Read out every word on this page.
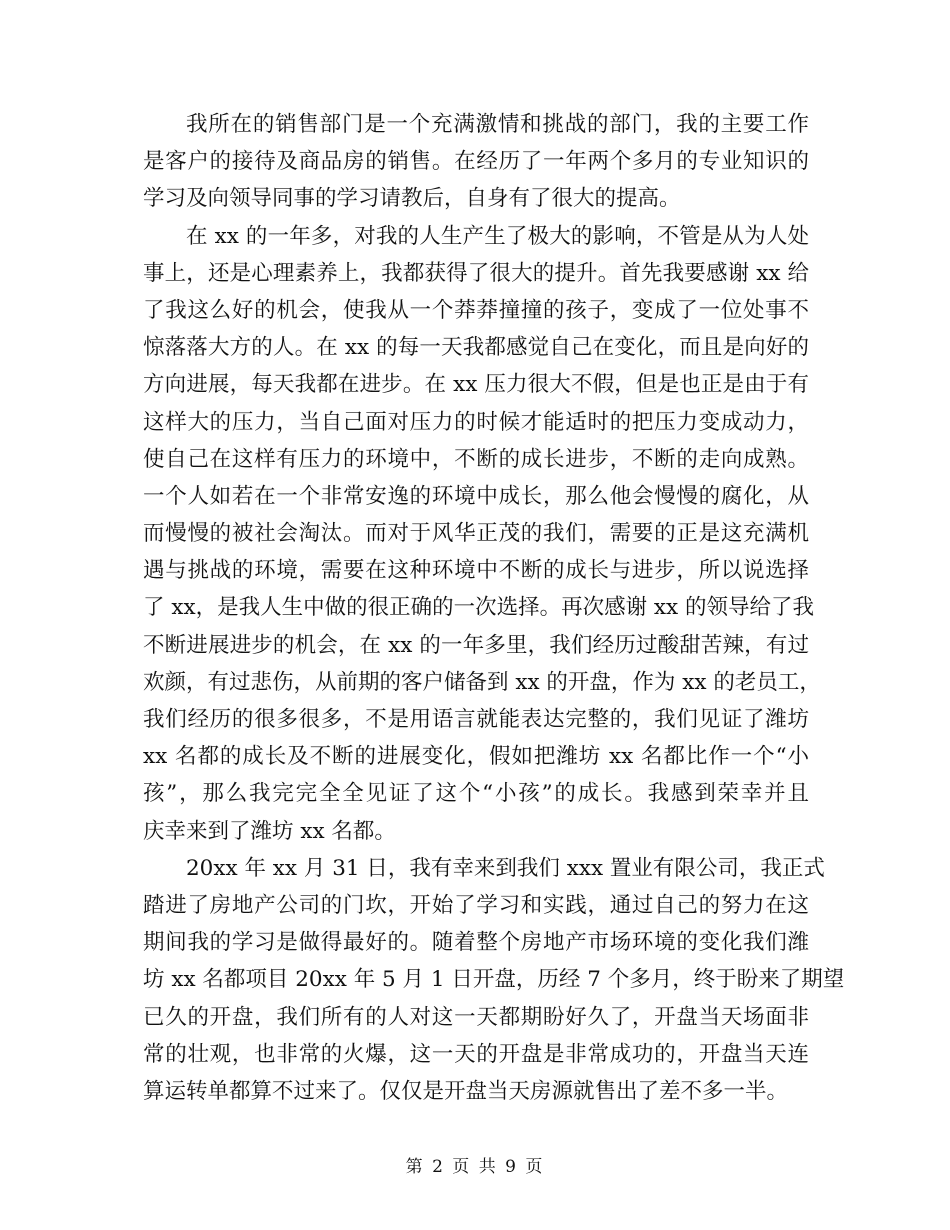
我所在的销售部门是一个充满激情和挑战的部门，我的主要工作
是客户的接待及商品房的销售。在经历了一年两个多月的专业知识的
学习及向领导同事的学习请教后，自身有了很大的提高。
在 xx 的一年多，对我的人生产生了极大的影响，不管是从为人处
事上，还是心理素养上，我都获得了很大的提升。首先我要感谢 xx 给
了我这么好的机会，使我从一个莽莽撞撞的孩子，变成了一位处事不
惊落落大方的人。在 xx 的每一天我都感觉自己在变化，而且是向好的
方向进展，每天我都在进步。在 xx 压力很大不假，但是也正是由于有
这样大的压力，当自己面对压力的时候才能适时的把压力变成动力，
使自己在这样有压力的环境中，不断的成长进步，不断的走向成熟。
一个人如若在一个非常安逸的环境中成长，那么他会慢慢的腐化，从
而慢慢的被社会淘汰。而对于风华正茂的我们，需要的正是这充满机
遇与挑战的环境，需要在这种环境中不断的成长与进步，所以说选择
了 xx，是我人生中做的很正确的一次选择。再次感谢 xx 的领导给了我
不断进展进步的机会，在 xx 的一年多里，我们经历过酸甜苦辣，有过
欢颜，有过悲伤，从前期的客户储备到 xx 的开盘，作为 xx 的老员工，
我们经历的很多很多，不是用语言就能表达完整的，我们见证了潍坊
xx 名都的成长及不断的进展变化，假如把潍坊 xx 名都比作一个“小
孩”，那么我完完全全见证了这个“小孩”的成长。我感到荣幸并且
庆幸来到了潍坊 xx 名都。
20xx 年 xx 月 31 日，我有幸来到我们 xxx 置业有限公司，我正式
踏进了房地产公司的门坎，开始了学习和实践，通过自己的努力在这
期间我的学习是做得最好的。随着整个房地产市场环境的变化我们潍
坊 xx 名都项目 20xx 年 5 月 1 日开盘，历经 7 个多月，终于盼来了期望
已久的开盘，我们所有的人对这一天都期盼好久了，开盘当天场面非
常的壮观，也非常的火爆，这一天的开盘是非常成功的，开盘当天连
算运转单都算不过来了。仅仅是开盘当天房源就售出了差不多一半。
第 2 页 共 9 页
